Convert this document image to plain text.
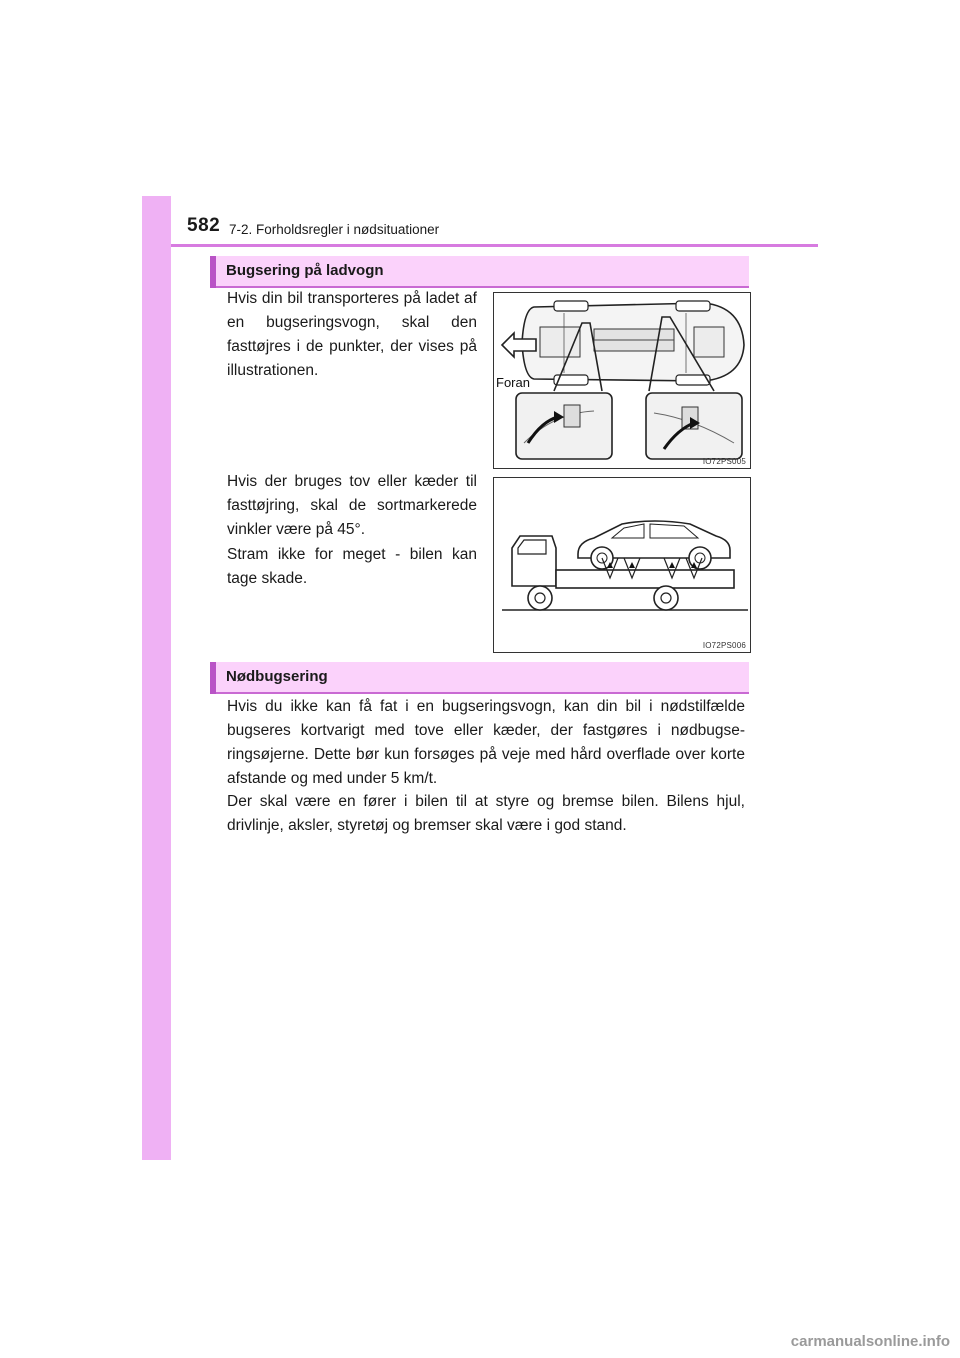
582 7-2. Forholdsregler i nødsituationer
Bugsering på ladvogn

Hvis din bil transporteres på ladet af en bugseringsvogn, skal den fasttøjres i de punkter, der vises på illustrationen.

Foran
IO72PS005

Hvis der bruges tov eller kæder til fasttøjring, skal de sortmarkerede vinkler være på 45°.

Stram ikke for meget - bilen kan tage skade.

IO72PS006
Nødbugsering

Hvis du ikke kan få fat i en bugseringsvogn, kan din bil i nødstilfælde bugseres kortvarigt med tove eller kæder, der fastgøres i nødbugseringsøjerne. Dette bør kun forsøges på veje med hård overflade over korte afstande og med under 5 km/t.

Der skal være en fører i bilen til at styre og bremse bilen. Bilens hjul, drivlinje, aksler, styretøj og bremser skal være i god stand.

carmanualsonline.info
